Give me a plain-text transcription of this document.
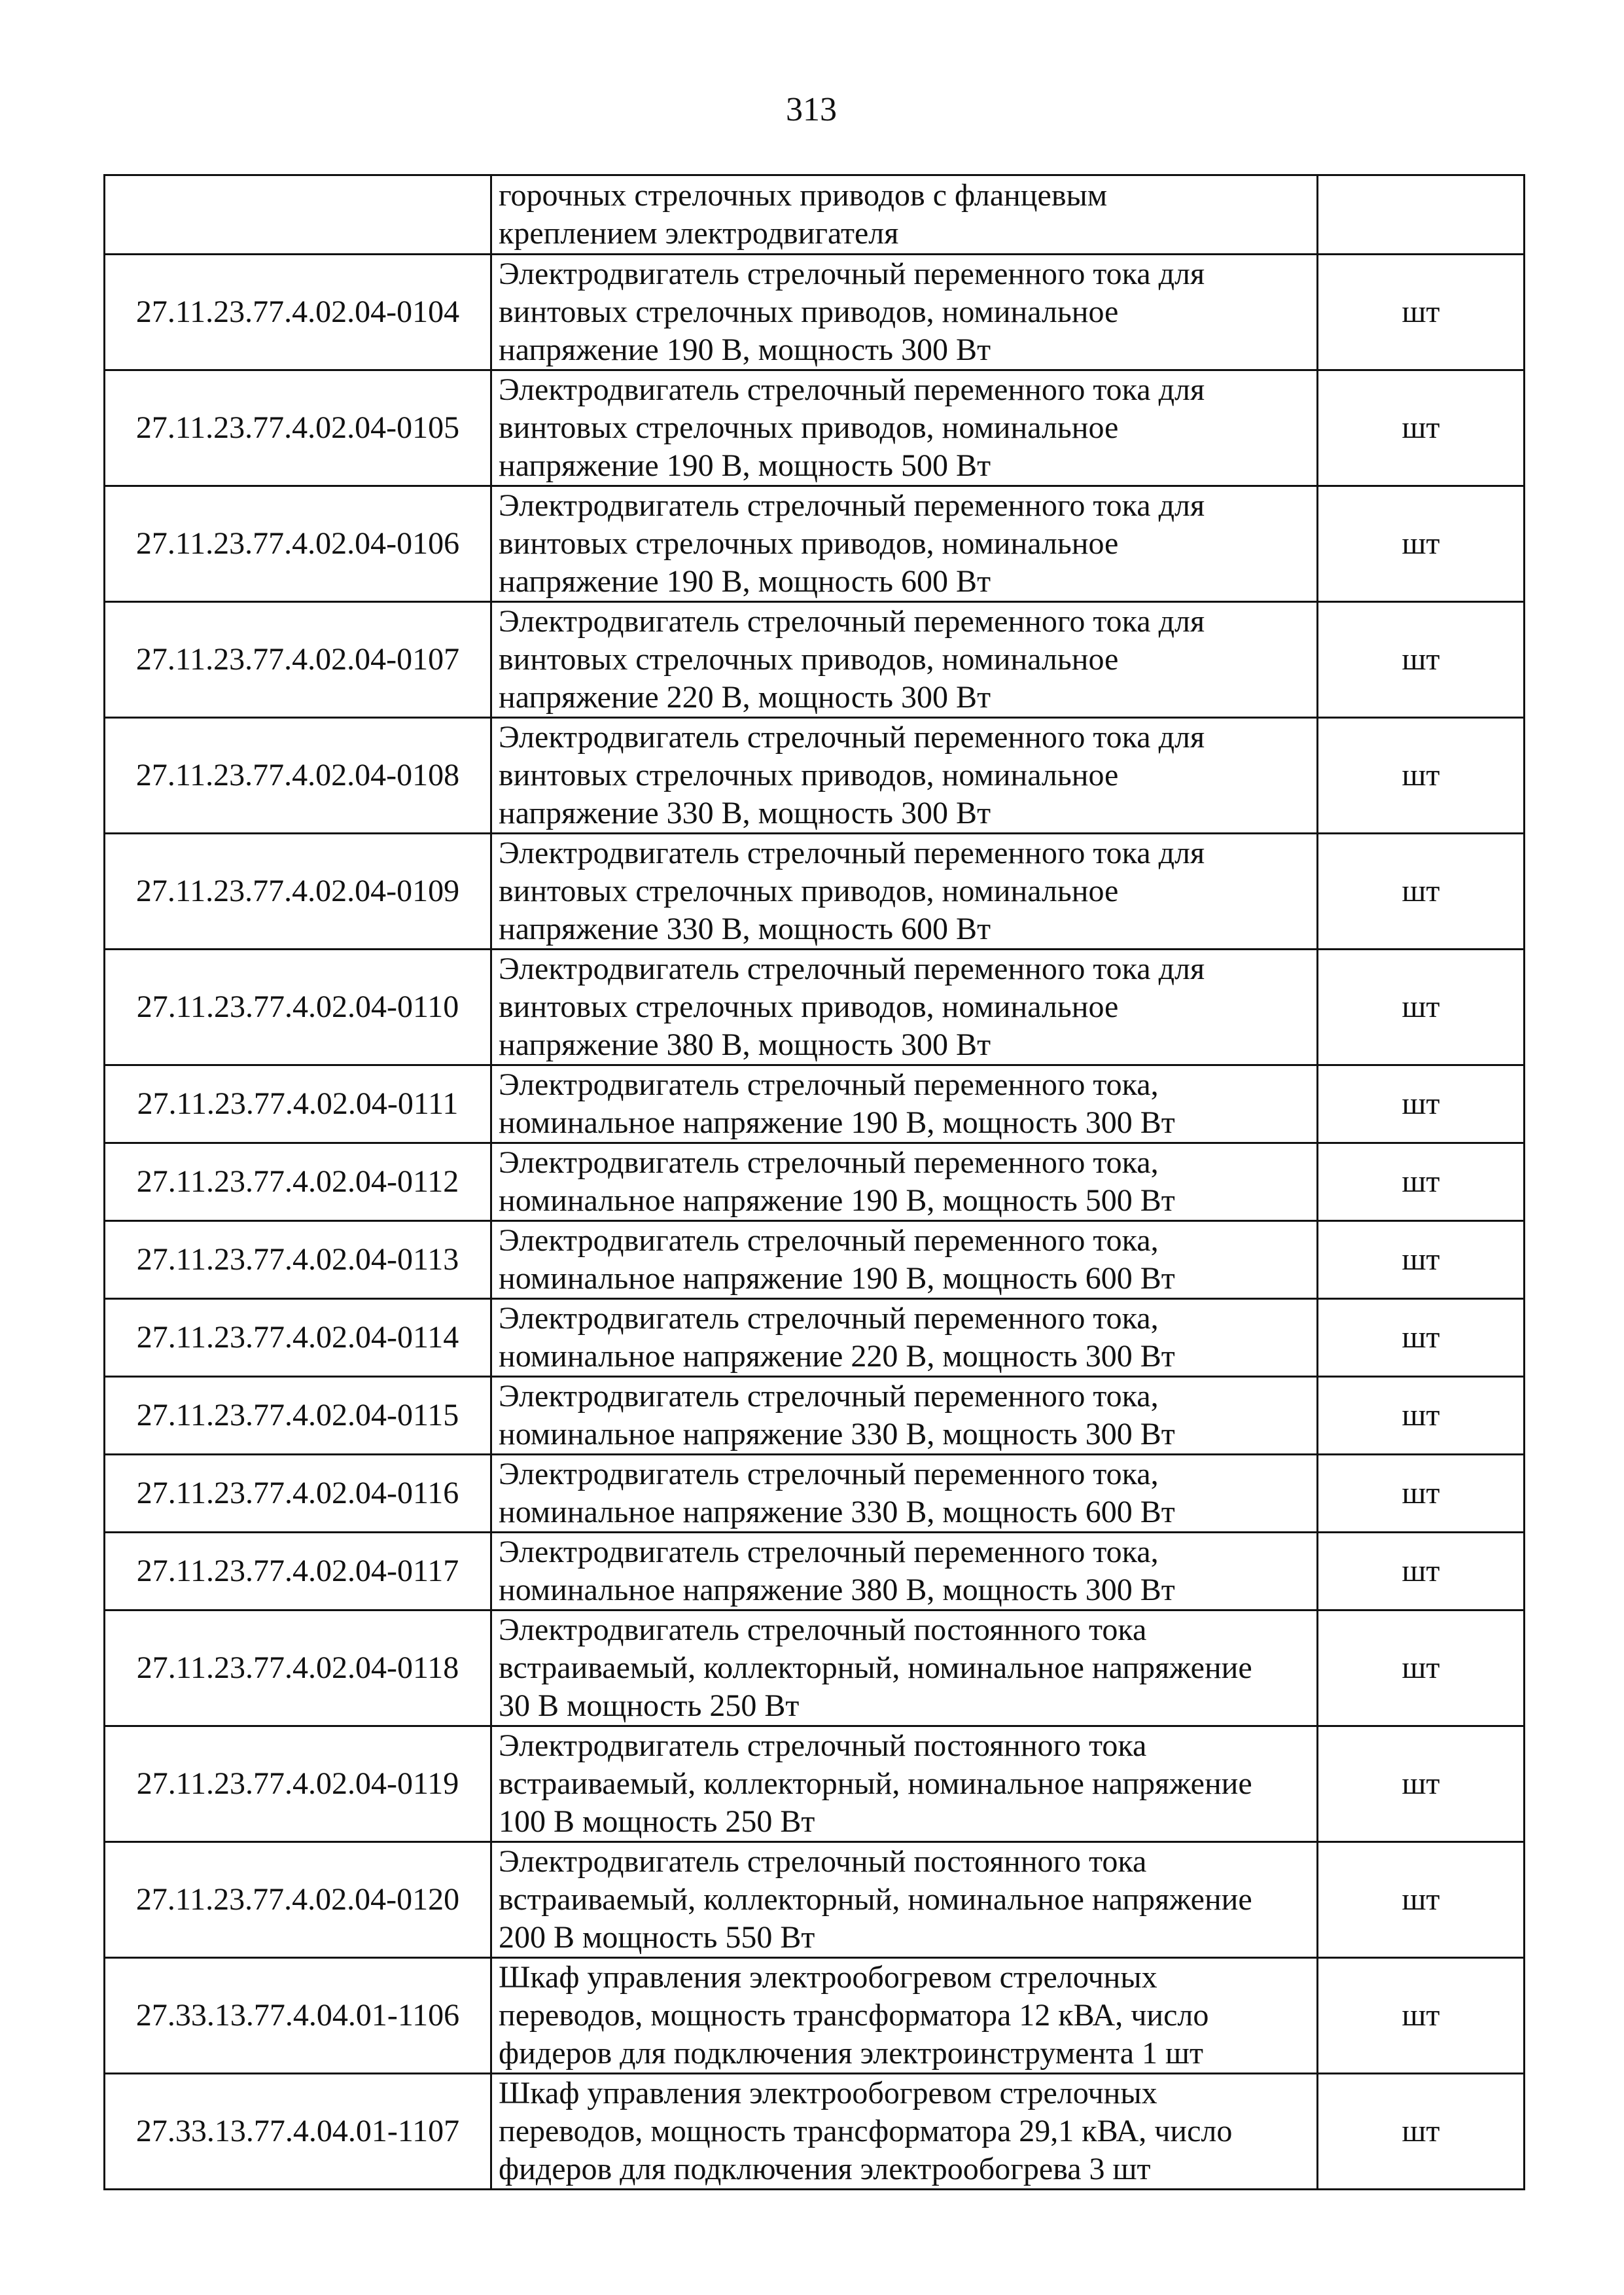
313

	горочных стрелочных приводов с фланцевым
креплением электродвигателя	

27.11.23.77.4.02.04-0104	Электродвигатель стрелочный переменного тока для
винтовых стрелочных приводов, номинальное
напряжение 190 В, мощность 300 Вт	шт
27.11.23.77.4.02.04-0105	Электродвигатель стрелочный переменного тока для
винтовых стрелочных приводов, номинальное
напряжение 190 В, мощность 500 Вт	шт
27.11.23.77.4.02.04-0106	Электродвигатель стрелочный переменного тока для
винтовых стрелочных приводов, номинальное
напряжение 190 В, мощность 600 Вт	шт
27.11.23.77.4.02.04-0107	Электродвигатель стрелочный переменного тока для
винтовых стрелочных приводов, номинальное
напряжение 220 В, мощность 300 Вт	шт
27.11.23.77.4.02.04-0108	Электродвигатель стрелочный переменного тока для
винтовых стрелочных приводов, номинальное
напряжение 330 В, мощность 300 Вт	шт
27.11.23.77.4.02.04-0109	Электродвигатель стрелочный переменного тока для
винтовых стрелочных приводов, номинальное
напряжение 330 В, мощность 600 Вт	шт
27.11.23.77.4.02.04-0110	Электродвигатель стрелочный переменного тока для
винтовых стрелочных приводов, номинальное
напряжение 380 В, мощность 300 Вт	шт
27.11.23.77.4.02.04-0111	Электродвигатель стрелочный переменного тока,
номинальное напряжение 190 В, мощность 300 Вт	шт
27.11.23.77.4.02.04-0112	Электродвигатель стрелочный переменного тока,
номинальное напряжение 190 В, мощность 500 Вт	шт
27.11.23.77.4.02.04-0113	Электродвигатель стрелочный переменного тока,
номинальное напряжение 190 В, мощность 600 Вт	шт
27.11.23.77.4.02.04-0114	Электродвигатель стрелочный переменного тока,
номинальное напряжение 220 В, мощность 300 Вт	шт
27.11.23.77.4.02.04-0115	Электродвигатель стрелочный переменного тока,
номинальное напряжение 330 В, мощность 300 Вт	шт
27.11.23.77.4.02.04-0116	Электродвигатель стрелочный переменного тока,
номинальное напряжение 330 В, мощность 600 Вт	шт
27.11.23.77.4.02.04-0117	Электродвигатель стрелочный переменного тока,
номинальное напряжение 380 В, мощность 300 Вт	шт
27.11.23.77.4.02.04-0118	Электродвигатель стрелочный постоянного тока
встраиваемый, коллекторный, номинальное напряжение
30 В мощность 250 Вт	шт
27.11.23.77.4.02.04-0119	Электродвигатель стрелочный постоянного тока
встраиваемый, коллекторный, номинальное напряжение
100 В мощность 250 Вт	шт
27.11.23.77.4.02.04-0120	Электродвигатель стрелочный постоянного тока
встраиваемый, коллекторный, номинальное напряжение
200 В мощность 550 Вт	шт
27.33.13.77.4.04.01-1106	Шкаф управления электрообогревом стрелочных
переводов, мощность трансформатора 12 кВА, число
фидеров для подключения электроинструмента 1 шт	шт
27.33.13.77.4.04.01-1107	Шкаф управления электрообогревом стрелочных
переводов, мощность трансформатора 29,1 кВА, число
фидеров для подключения электрообогрева 3 шт	шт
